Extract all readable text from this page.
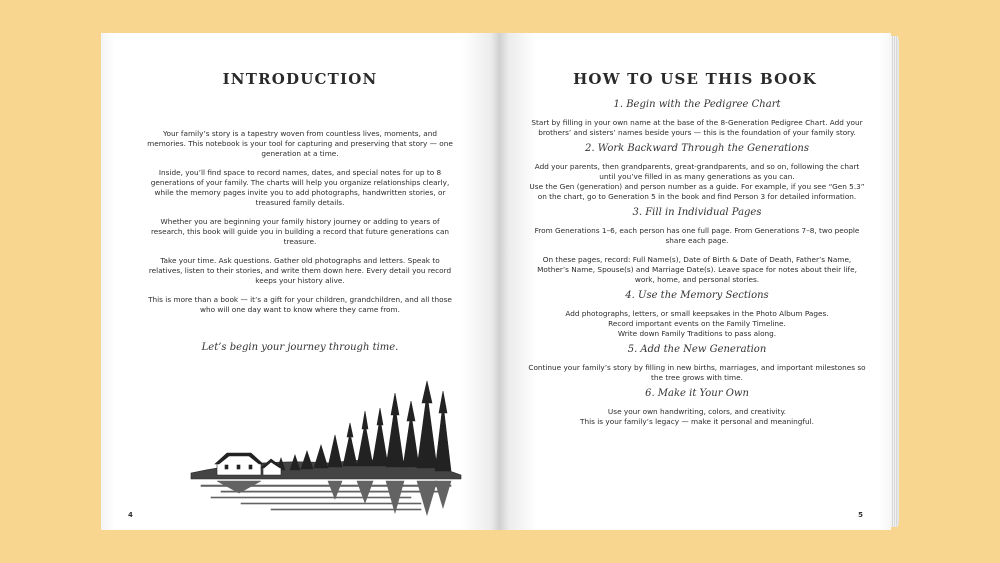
INTRODUCTION

Your family’s story is a tapestry woven from countless lives, moments, and memories. This notebook is your tool for capturing and preserving that story — one generation at a time.

Inside, you’ll find space to record names, dates, and special notes for up to 8 generations of your family. The charts will help you organize relationships clearly, while the memory pages invite you to add photographs, handwritten stories, or treasured family details.

Whether you are beginning your family history journey or adding to years of research, this book will guide you in building a record that future generations can treasure.

Take your time. Ask questions. Gather old photographs and letters. Speak to relatives, listen to their stories, and write them down here. Every detail you record keeps your history alive.

This is more than a book — it’s a gift for your children, grandchildren, and all those who will one day want to know where they came from.

Let’s begin your journey through time.
4
HOW TO USE THIS BOOK
1. Begin with the Pedigree Chart

Start by filling in your own name at the base of the 8-Generation Pedigree Chart. Add your brothers’ and sisters’ names beside yours — this is the foundation of your family story.

2. Work Backward Through the Generations

Add your parents, then grandparents, great-grandparents, and so on, following the chart until you’ve filled in as many generations as you can.

Use the Gen (generation) and person number as a guide. For example, if you see “Gen 5.3” on the chart, go to Generation 5 in the book and find Person 3 for detailed information.

3. Fill in Individual Pages

From Generations 1–6, each person has one full page. From Generations 7–8, two people share each page.

On these pages, record: Full Name(s), Date of Birth & Date of Death, Father’s Name, Mother’s Name, Spouse(s) and Marriage Date(s). Leave space for notes about their life, work, home, and personal stories.

4. Use the Memory Sections

Add photographs, letters, or small keepsakes in the Photo Album Pages.

Record important events on the Family Timeline.

Write down Family Traditions to pass along.

5. Add the New Generation

Continue your family’s story by filling in new births, marriages, and important milestones so the tree grows with time.

6. Make it Your Own

Use your own handwriting, colors, and creativity.

This is your family’s legacy — make it personal and meaningful.

5
